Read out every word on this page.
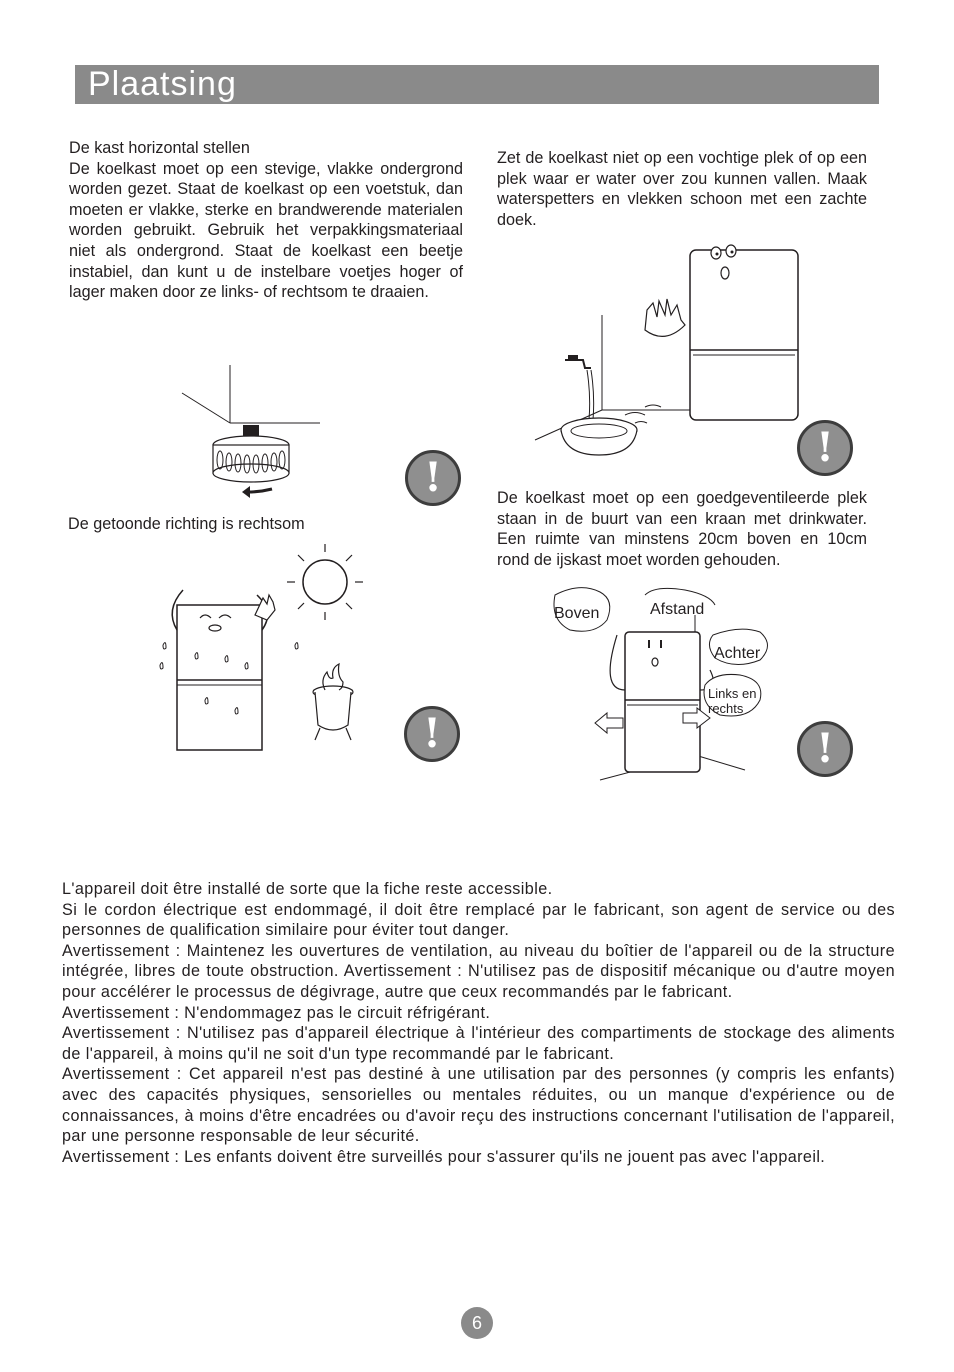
Plaatsing

De kast horizontal stellen

De koelkast moet op een stevige, vlakke ondergrond worden gezet. Staat de koelkast op een voetstuk, dan moeten er vlakke, sterke en brandwerende materialen worden gebruikt. Gebruik het verpakkingsmateriaal niet als ondergrond. Staat de koelkast een beetje instabiel, dan kunt u de instelbare voetjes hoger of lager maken door ze links- of rechtsom te draaien.

Zet de koelkast niet op een vochtige plek of op een plek waar er water over zou kunnen vallen. Maak waterspetters en vlekken schoon met een zachte doek.
De koelkast moet op een goedgeventileerde plek staan in de buurt van een kraan met drinkwater. Een ruimte van minstens 20cm boven en 10cm rond de ijskast moet worden gehouden.
!
De getoonde richting is rechtsom
!
!
Boven	Afstand
Achter
Links en
rechts
!

L'appareil doit être installé de sorte que la fiche reste accessible.

Si le cordon électrique est endommagé, il doit être remplacé par le fabricant, son agent de service ou des personnes de qualification similaire pour éviter tout danger.

Avertissement : Maintenez les ouvertures de ventilation, au niveau du boîtier de l'appareil ou de la structure intégrée, libres de toute obstruction. Avertissement : N'utilisez pas de dispositif mécanique ou d'autre moyen pour accélérer le processus de dégivrage, autre que ceux recommandés par le fabricant.

Avertissement : N'endommagez pas le circuit réfrigérant.

Avertissement : N'utilisez pas d'appareil électrique à l'intérieur des compartiments de stockage des aliments de l'appareil, à moins qu'il ne soit d'un type recommandé par le fabricant.

Avertissement : Cet appareil n'est pas destiné à une utilisation par des personnes (y compris les enfants) avec des capacités physiques, sensorielles ou mentales réduites, ou un manque d'expérience ou de connaissances, à moins d'être encadrées ou d'avoir reçu des instructions concernant l'utilisation de l'appareil, par une personne responsable de leur sécurité.

Avertissement : Les enfants doivent être surveillés pour s'assurer qu'ils ne jouent pas avec l'appareil.

6
